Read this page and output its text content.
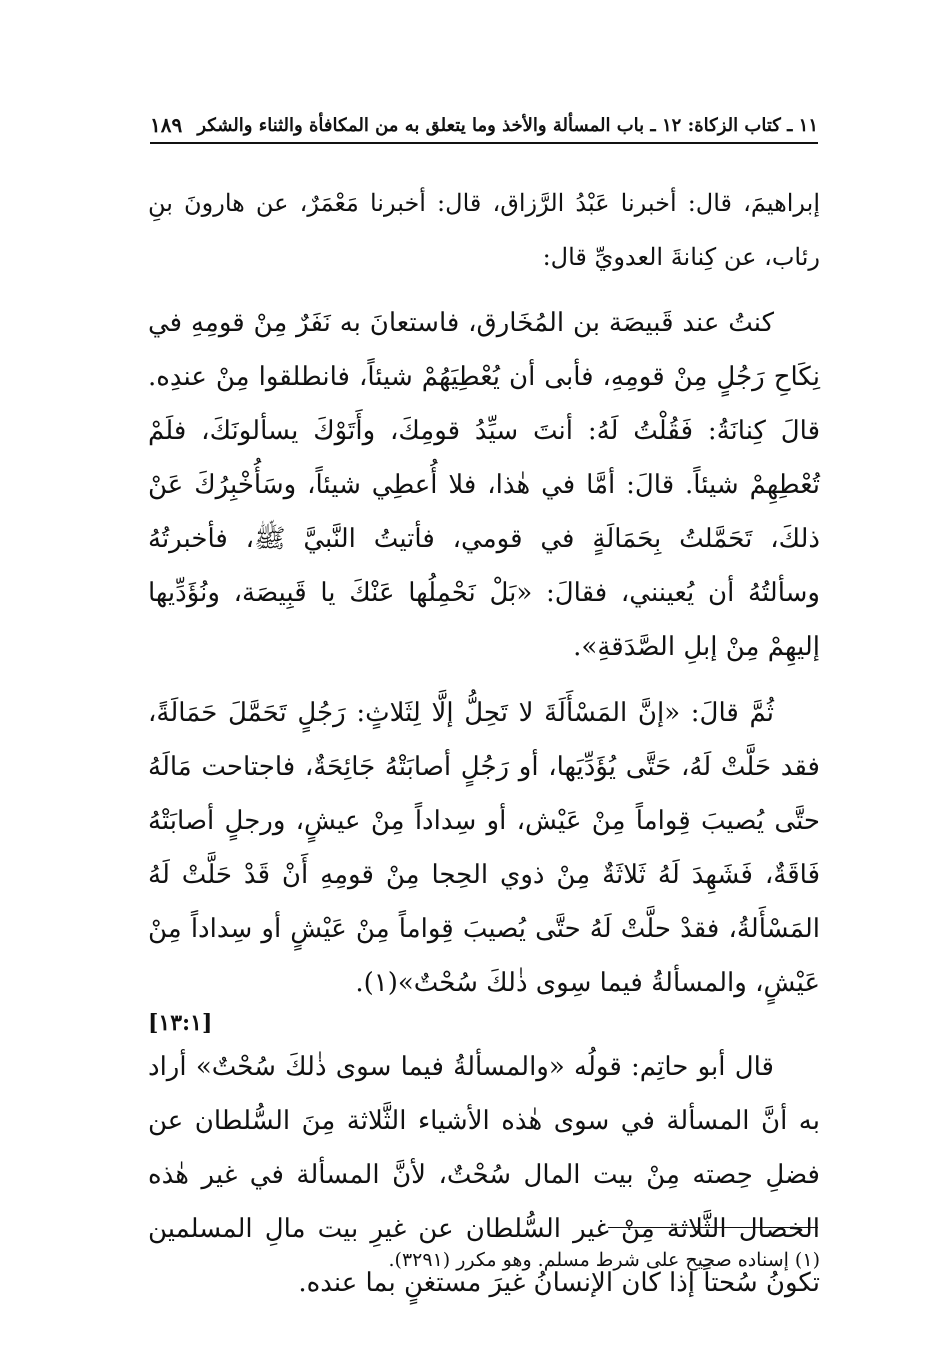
١١ ـ كتاب الزكاة: ١٢ ـ باب المسألة والأخذ وما يتعلق به من المكافأة والثناء والشكر
١٨٩

إبراهيمَ، قال: أخبرنا عَبْدُ الرَّزاق، قال: أخبرنا مَعْمَرٌ، عن هارونَ بنِ رئاب، عن كِنانةَ العدويِّ قال:

كنتُ عند قَبيصَة بن المُخَارق، فاستعانَ به نَفَرٌ مِنْ قومِهِ في نِكَاحِ رَجُلٍ مِنْ قومِهِ، فأبى أن يُعْطِيَهُمْ شيئاً، فانطلقوا مِنْ عندِه. قالَ كِنانَةُ: فَقُلْتُ لَهُ: أنتَ سيِّدُ قومِكَ، وأَتَوْكَ يسألونَكَ، فلَمْ تُعْطِهِمْ شيئاً. قالَ: أمَّا في هٰذا، فلا أُعطِي شيئاً، وسَأُخْبِرُكَ عَنْ ذلكَ، تَحَمَّلتُ بِحَمَالَةٍ في قومي، فأتيتُ النَّبيَّ ﷺ، فأخبرتُهُ وسألتُهُ أن يُعينني، فقالَ: «بَلْ نَحْمِلُها عَنْكَ يا قَبِيصَة، ونُؤَدِّيها إليهِمْ مِنْ إبلِ الصَّدَقةِ».

ثُمَّ قالَ: «إنَّ المَسْأَلَةَ لا تَحِلُّ إلَّا لِثَلاثٍ: رَجُلٍ تَحَمَّلَ حَمَالَةً، فقد حَلَّتْ لَهُ، حَتَّى يُؤَدِّيَها، أو رَجُلٍ أصابَتْهُ جَائِحَةٌ، فاجتاحت مَالَهُ حتَّى يُصيبَ قِواماً مِنْ عَيْش، أو سِداداً مِنْ عيشٍ، ورجلٍ أصابَتْهُ فَاقَةٌ، فَشَهِدَ لَهُ ثَلاثَةٌ مِنْ ذوي الحِجا مِنْ قومِهِ أَنْ قَدْ حَلَّتْ لَهُ المَسْأَلةُ، فقدْ حلَّتْ لَهُ حتَّى يُصيبَ قِواماً مِنْ عَيْشٍ أو سِداداً مِنْ عَيْشٍ، والمسألةُ فيما سِوى ذٰلكَ سُحْتٌ»(١).

[١٣:١]

قال أبو حاتِم: قولُه «والمسألةُ فيما سوى ذٰلكَ سُحْتٌ» أراد به أنَّ المسألة في سوى هٰذه الأشياء الثَّلاثة مِنَ السُّلطان عن فضلِ حِصته مِنْ بيت المال سُحْتٌ، لأنَّ المسألة في غير هٰذه الخصال الثَّلاثة مِنْ غير السُّلطان عن غيرِ بيت مالِ المسلمين تكونُ سُحتاً إذا كان الإنسانُ غيرَ مستغنٍ بما عنده.

(١) إسناده صحيح على شرط مسلم. وهو مكرر (٣٢٩١).
